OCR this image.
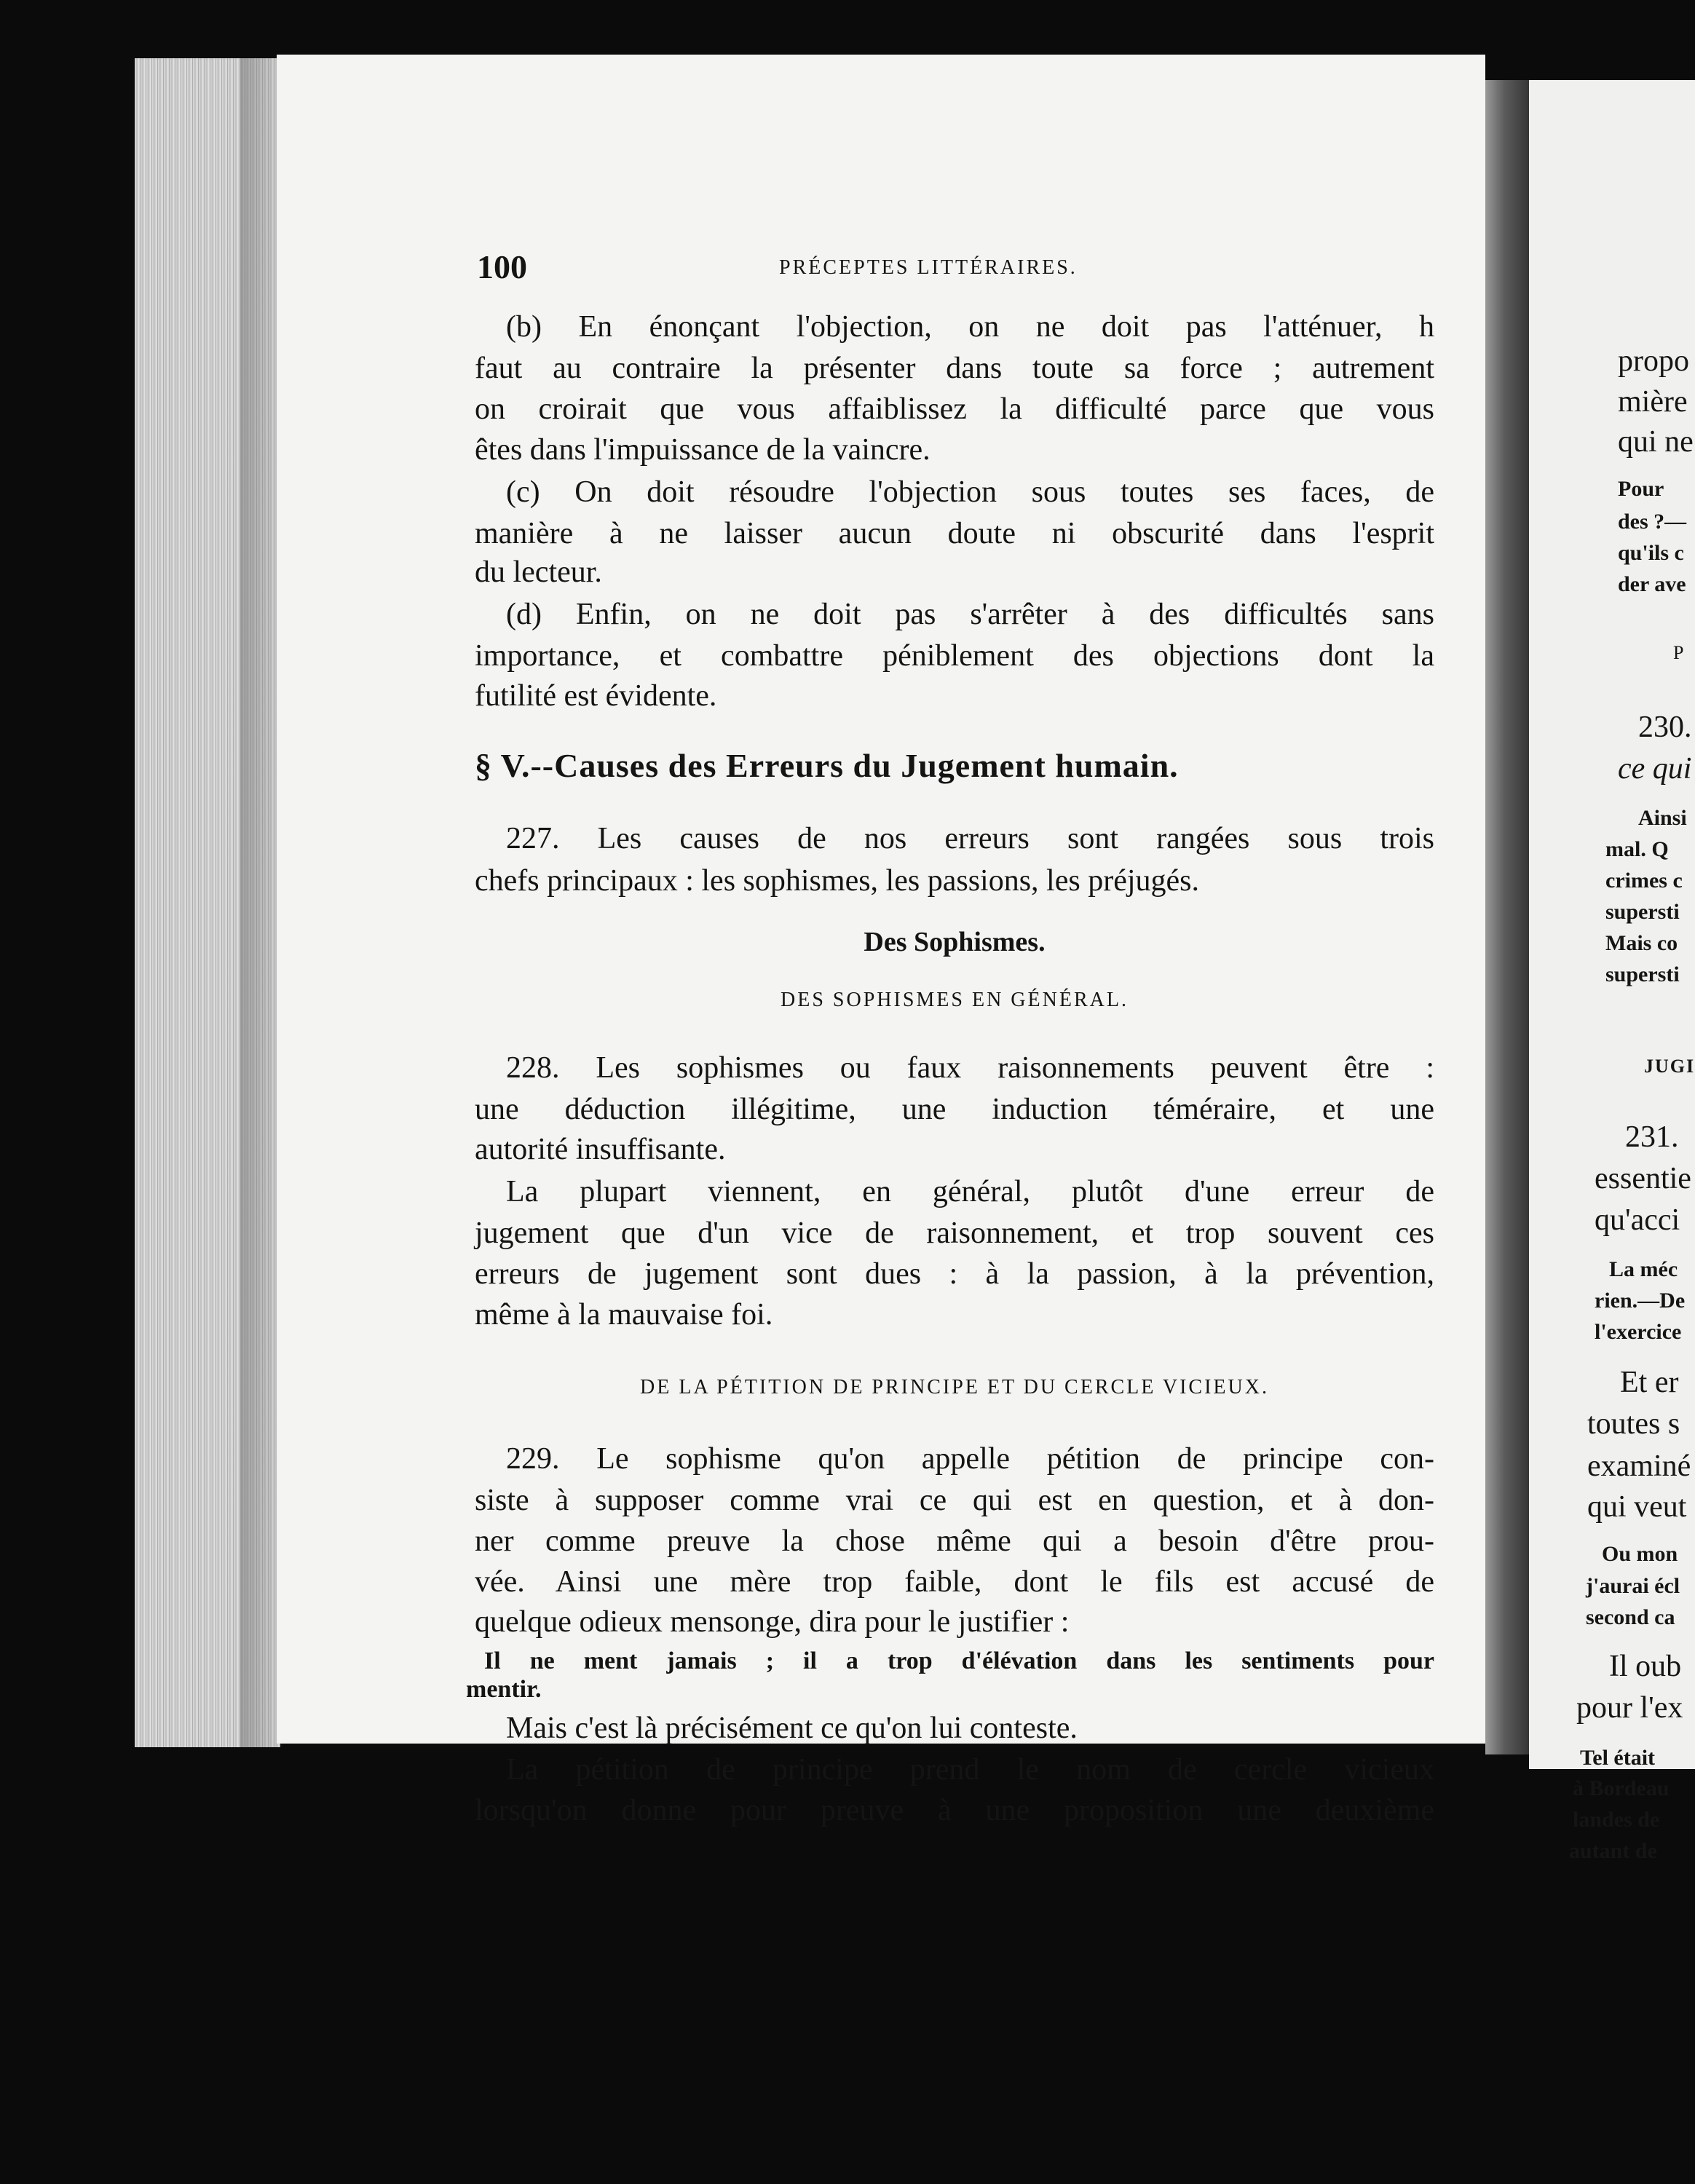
100	PRÉCEPTES LITTÉRAIRES.
(b) En énonçant l'objection, on ne doit pas l'atténuer, h
faut au contraire la présenter dans toute sa force ; autrement
on croirait que vous affaiblissez la difficulté parce que vous
êtes dans l'impuissance de la vaincre.
(c) On doit résoudre l'objection sous toutes ses faces, de
manière à ne laisser aucun doute ni obscurité dans l'esprit
du lecteur.
(d) Enfin, on ne doit pas s'arrêter à des difficultés sans
importance, et combattre péniblement des objections dont la
futilité est évidente.
§ V.--Causes des Erreurs du Jugement humain.
227. Les causes de nos erreurs sont rangées sous trois
chefs principaux : les sophismes, les passions, les préjugés.
Des Sophismes.
DES SOPHISMES EN GÉNÉRAL.
228. Les sophismes ou faux raisonnements peuvent être :
une déduction illégitime, une induction téméraire, et une
autorité insuffisante.
La plupart viennent, en général, plutôt d'une erreur de
jugement que d'un vice de raisonnement, et trop souvent ces
erreurs de jugement sont dues : à la passion, à la prévention,
même à la mauvaise foi.
DE LA PÉTITION DE PRINCIPE ET DU CERCLE VICIEUX.
229. Le sophisme qu'on appelle pétition de principe con-
siste à supposer comme vrai ce qui est en question, et à don-
ner comme preuve la chose même qui a besoin d'être prou-
vée. Ainsi une mère trop faible, dont le fils est accusé de
quelque odieux mensonge, dira pour le justifier :
Il ne ment jamais ; il a trop d'élévation dans les sentiments pour
mentir.
Mais c'est là précisément ce qu'on lui conteste.
La pétition de principe prend le nom de cercle vicieux
lorsqu'on donne pour preuve à une proposition une deuxième
propo
mière
qui ne
Pour
des ?—
qu'ils c
der ave
P
230.
ce qui
Ainsi
mal. Q
crimes c
supersti
Mais co
supersti
JUGI
231.
essentie
qu'acci
La méc
rien.—De
l'exercice
Et er
toutes s
examiné
qui veut
Ou mon
j'aurai écl
second ca
Il oub
pour l'ex
Tel était
à Bordeau
landes de
autant de
